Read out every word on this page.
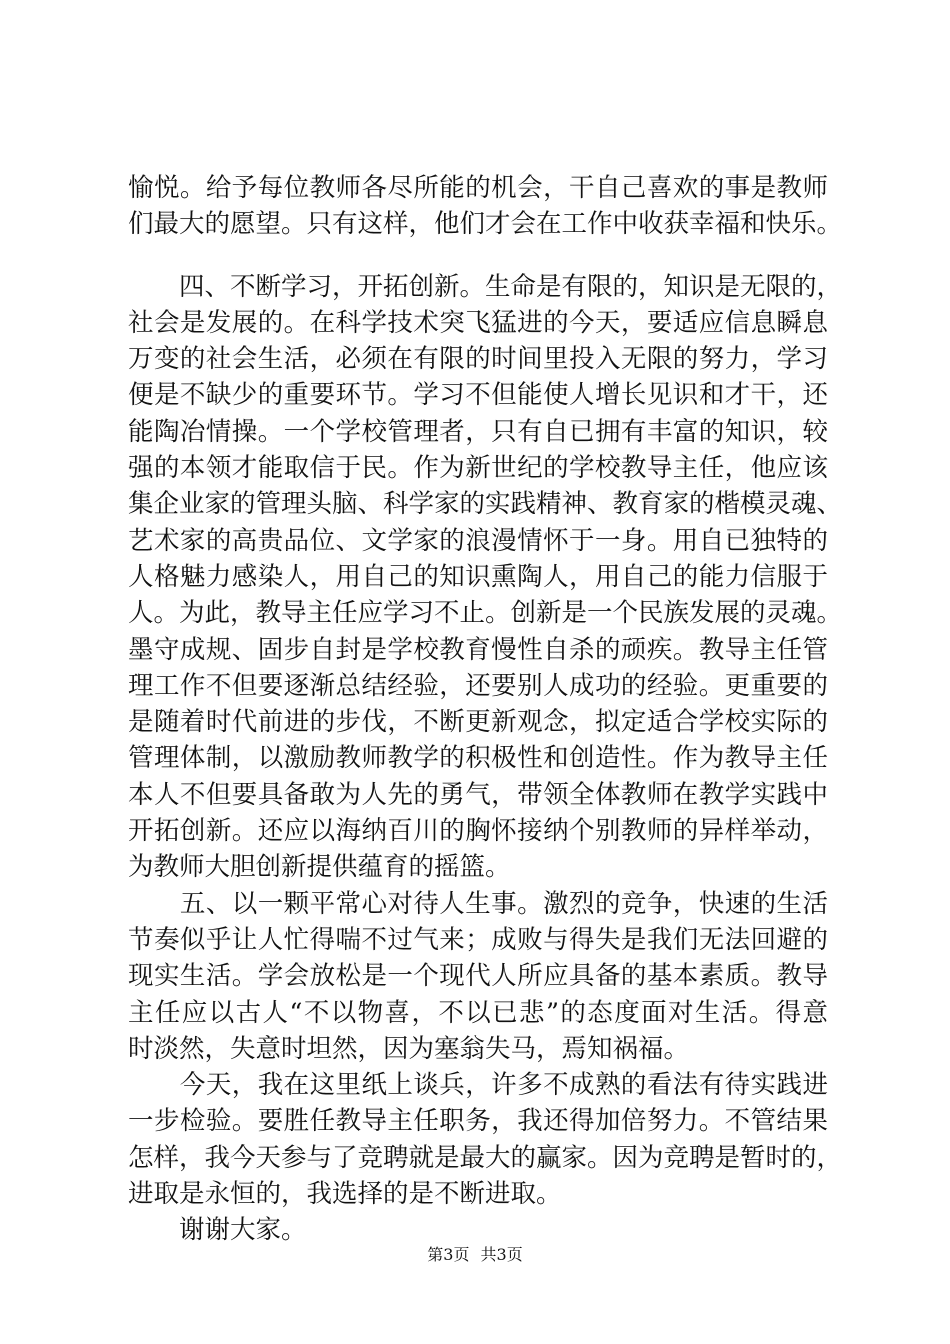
愉悦。给予每位教师各尽所能的机会，干自己喜欢的事是教师
们最大的愿望。只有这样，他们才会在工作中收获幸福和快乐。
　　四、不断学习，开拓创新。生命是有限的，知识是无限的，
社会是发展的。在科学技术突飞猛进的今天，要适应信息瞬息
万变的社会生活，必须在有限的时间里投入无限的努力，学习
便是不缺少的重要环节。学习不但能使人增长见识和才干，还
能陶冶情操。一个学校管理者，只有自已拥有丰富的知识，较
强的本领才能取信于民。作为新世纪的学校教导主任，他应该
集企业家的管理头脑、科学家的实践精神、教育家的楷模灵魂、
艺术家的高贵品位、文学家的浪漫情怀于一身。用自已独特的
人格魅力感染人，用自己的知识熏陶人，用自己的能力信服于
人。为此，教导主任应学习不止。创新是一个民族发展的灵魂。
墨守成规、固步自封是学校教育慢性自杀的顽疾。教导主任管
理工作不但要逐渐总结经验，还要别人成功的经验。更重要的
是随着时代前进的步伐，不断更新观念，拟定适合学校实际的
管理体制，以激励教师教学的积极性和创造性。作为教导主任
本人不但要具备敢为人先的勇气，带领全体教师在教学实践中
开拓创新。还应以海纳百川的胸怀接纳个别教师的异样举动，
为教师大胆创新提供蕴育的摇篮。
　　五、以一颗平常心对待人生事。激烈的竞争，快速的生活
节奏似乎让人忙得喘不过气来；成败与得失是我们无法回避的
现实生活。学会放松是一个现代人所应具备的基本素质。教导
主任应以古人“不以物喜，不以已悲”的态度面对生活。得意
时淡然，失意时坦然，因为塞翁失马，焉知祸福。
　　今天，我在这里纸上谈兵，许多不成熟的看法有待实践进
一步检验。要胜任教导主任职务，我还得加倍努力。不管结果
怎样，我今天参与了竞聘就是最大的赢家。因为竞聘是暂时的，
进取是永恒的，我选择的是不断进取。
　　谢谢大家。
第3页 共3页
